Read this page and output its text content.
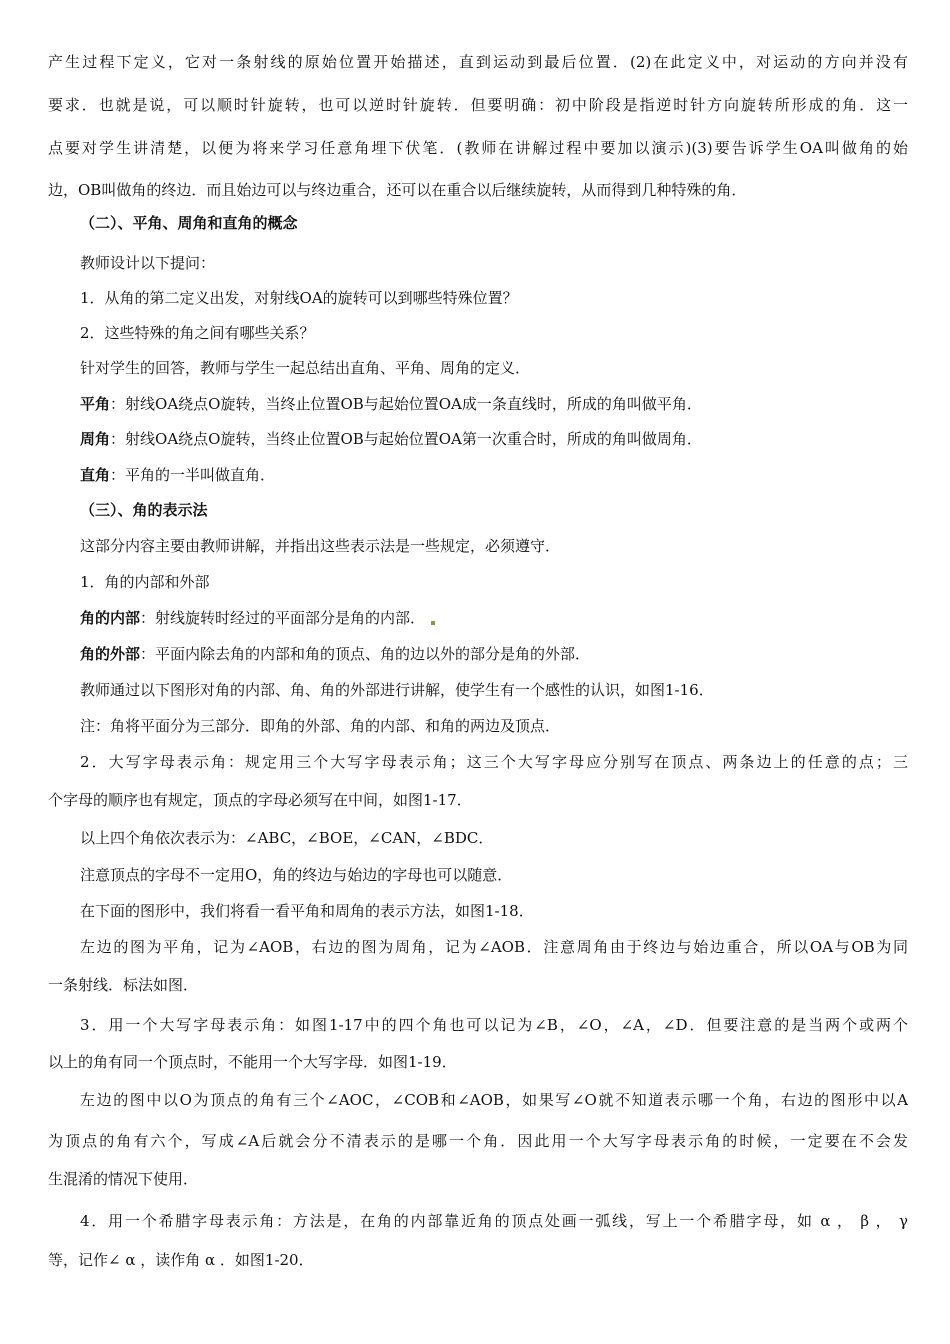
产生过程下定义，它对一条射线的原始位置开始描述，直到运动到最后位置．(2)在此定义中，对运动的方向并没有
要求．也就是说，可以顺时针旋转，也可以逆时针旋转．但要明确：初中阶段是指逆时针方向旋转所形成的角．这一
点要对学生讲清楚，以便为将来学习任意角埋下伏笔．(教师在讲解过程中要加以演示)(3)要告诉学生OA叫做角的始
边，OB叫做角的终边．而且始边可以与终边重合，还可以在重合以后继续旋转，从而得到几种特殊的角．
（二）、平角、周角和直角的概念
教师设计以下提问：
1．从角的第二定义出发，对射线OA的旋转可以到哪些特殊位置？
2．这些特殊的角之间有哪些关系？
针对学生的回答，教师与学生一起总结出直角、平角、周角的定义．
平角：射线OA绕点O旋转，当终止位置OB与起始位置OA成一条直线时，所成的角叫做平角．
周角：射线OA绕点O旋转，当终止位置OB与起始位置OA第一次重合时，所成的角叫做周角．
直角：平角的一半叫做直角．
（三）、角的表示法
这部分内容主要由教师讲解，并指出这些表示法是一些规定，必须遵守．
1．角的内部和外部
角的内部：射线旋转时经过的平面部分是角的内部．
角的外部：平面内除去角的内部和角的顶点、角的边以外的部分是角的外部．
教师通过以下图形对角的内部、角、角的外部进行讲解，使学生有一个感性的认识，如图1-16．
注：角将平面分为三部分．即角的外部、角的内部、和角的两边及顶点．
2．大写字母表示角：规定用三个大写字母表示角；这三个大写字母应分别写在顶点、两条边上的任意的点；三
个字母的顺序也有规定，顶点的字母必须写在中间，如图1-17．
以上四个角依次表示为：∠ABC，∠BOE，∠CAN，∠BDC．
注意顶点的字母不一定用O，角的终边与始边的字母也可以随意．
在下面的图形中，我们将看一看平角和周角的表示方法，如图1-18．
左边的图为平角，记为∠AOB，右边的图为周角，记为∠AOB．注意周角由于终边与始边重合，所以OA与OB为同
一条射线．标法如图．
3．用一个大写字母表示角：如图1-17中的四个角也可以记为∠B，∠O，∠A，∠D．但要注意的是当两个或两个
以上的角有同一个顶点时，不能用一个大写字母．如图1-19．
左边的图中以O为顶点的角有三个∠AOC，∠COB和∠AOB，如果写∠O就不知道表示哪一个角，右边的图形中以A
为顶点的角有六个，写成∠A后就会分不清表示的是哪一个角．因此用一个大写字母表示角的时候，一定要在不会发
生混淆的情况下使用．
4．用一个希腊字母表示角：方法是，在角的内部靠近角的顶点处画一弧线，写上一个希腊字母，如 α ， β ， γ
等，记作∠ α ，读作角 α ．如图1-20．
